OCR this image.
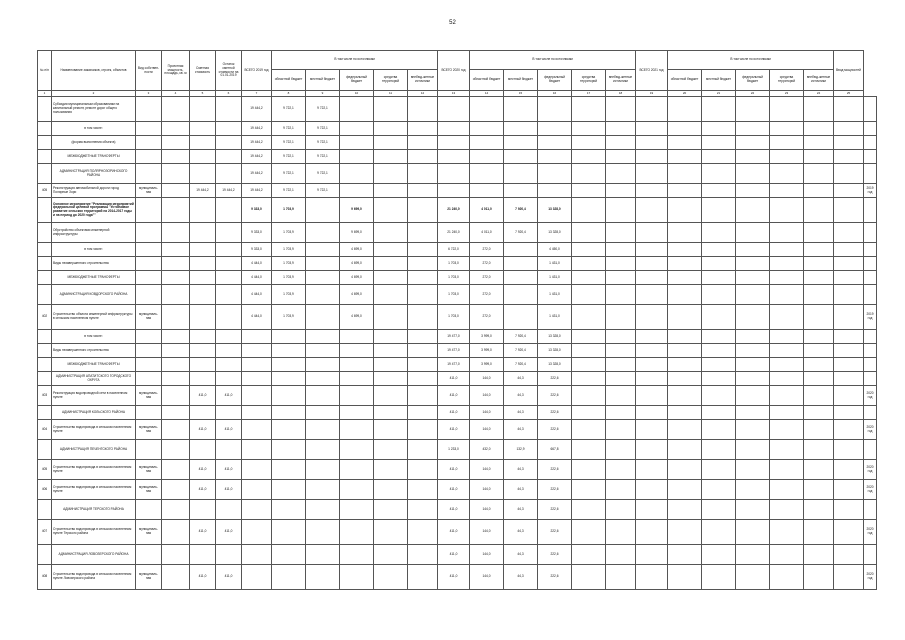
52
№ п/п	Наименование заказчиков, строек, объектов	Вид собствен-ности	Проектная мощность, площадь, кв. м	Сметная стоимость	Остаток сметной стоимости на 01.01.2019	ВСЕГО 2019 год	В том числе по источникам					ВСЕГО 2020 год	В том числе по источникам					ВСЕГО 2021 год	В том числе по источникам					Ввод мощностей	
							областной бюджет	местный бюджет	федеральный бюджет	средства территорий	внебюд-жетные источники		областной бюджет	местный бюджет	федеральный бюджет	средства территорий	внебюд-жетные источники		областной бюджет	местный бюджет	федеральный бюджет	средства территорий	внебюд-жетные источники		
1	2	3	4	5	6	7	8	9	10	11	12	13	14	15	16	17	18	19	20	21	22	23	24	25	
	Субсидии муниципальным образованиям на капитальный ремонт, ремонт дорог общего пользования					19 444,2	9 722,1	9 722,1																	
	в том числе:					19 444,2	9 722,1	9 722,1																	
	(форма выполнения объекта)					19 444,2	9 722,1	9 722,1																	
	МЕЖБЮДЖЕТНЫЕ ТРАНСФЕРТЫ					19 444,2	9 722,1	9 722,1																	
	АДМИНИСТРАЦИЯ ПОЛЯРНОЗОРИНСКОГО РАЙОНА					19 444,2	9 722,1	9 722,1																	
405	Реконструкция автомобильной дороги город Полярные Зори	муниципаль-ная		19 444,2	19 444,2	19 444,2	9 722,1	9 722,1																	2019 год
	Основное мероприятие "Реализация мероприятий федеральной целевой программы "Устойчивое развитие сельских территорий на 2014-2017 годы и на период до 2020 года""					9 333,0	1 703,9		9 699,0			21 240,0	4 011,0	7 920,4	13 328,0										
	Обустройство объектами инженерной инфраструктуры					9 333,0	1 703,9		9 699,0			21 240,0	4 011,0	7 920,4	13 328,0										
	в том числе:					9 333,0	1 703,9		4 699,0			6 722,0	272,0		4 450,0										
	Виды незавершенного строительства					4 444,0	1 703,9		4 699,0			1 703,0	272,0		1 431,0										
	МЕЖБЮДЖЕТНЫЕ ТРАНСФЕРТЫ					4 444,0	1 703,9		4 699,0			1 703,0	272,0		1 431,0										
	АДМИНИСТРАЦИЯ КОВДОРСКОГО РАЙОНА					4 444,0	1 703,9		4 699,0			1 703,0	272,0		1 431,0										
402	Строительство объекта инженерной инфраструктуры в сельском населенном пункте	муниципаль-ная				4 444,0	1 703,9		4 699,0			1 703,0	272,0		1 431,0										2019 год
	в том числе:											19 477,0	3 999,0	7 920,4	13 328,0										
	Виды незавершенного строительства											19 477,0	3 999,0	7 920,4	13 328,0										
	МЕЖБЮДЖЕТНЫЕ ТРАНСФЕРТЫ											19 477,0	3 999,0	7 920,4	13 328,0										
	АДМИНИСТРАЦИЯ АПАТИТСКОГО ГОРОДСКОГО ОКРУГА											411,0	144,0	44,3	222,6										
403	Реконструкция водопроводной сети в населенном пункте	муниципаль-ная		411,0	411,0							411,0	144,0	44,3	222,6										2020 год
	АДМИНИСТРАЦИЯ КОЛЬСКОГО РАЙОНА											411,0	144,0	44,3	222,6										
404	Строительство водопровода в сельском населенном пункте	муниципаль-ная		411,0	411,0							411,0	144,0	44,3	222,6										2020 год
	АДМИНИСТРАЦИЯ ПЕЧЕНГСКОГО РАЙОНА											1 233,0	432,0	132,9	667,8										
405	Строительство водопровода в сельском населенном пункте	муниципаль-ная		411,0	411,0							411,0	144,0	44,3	222,6										2020 год
406	Строительство водопровода в сельском населенном пункте	муниципаль-ная		411,0	411,0							411,0	144,0	44,3	222,6										2020 год
	АДМИНИСТРАЦИЯ ТЕРСКОГО РАЙОНА											411,0	144,0	44,3	222,6										
407	Строительство водопровода в сельском населенном пункте Терского района	муниципаль-ная		411,0	411,0							411,0	144,0	44,3	222,6										2020 год
	АДМИНИСТРАЦИЯ ЛОВОЗЕРСКОГО РАЙОНА											411,0	144,0	44,3	222,6										
408	Строительство водопровода в сельском населенном пункте Ловозерского района	муниципаль-ная		411,0	411,0							411,0	144,0	44,3	222,6										2020 год
